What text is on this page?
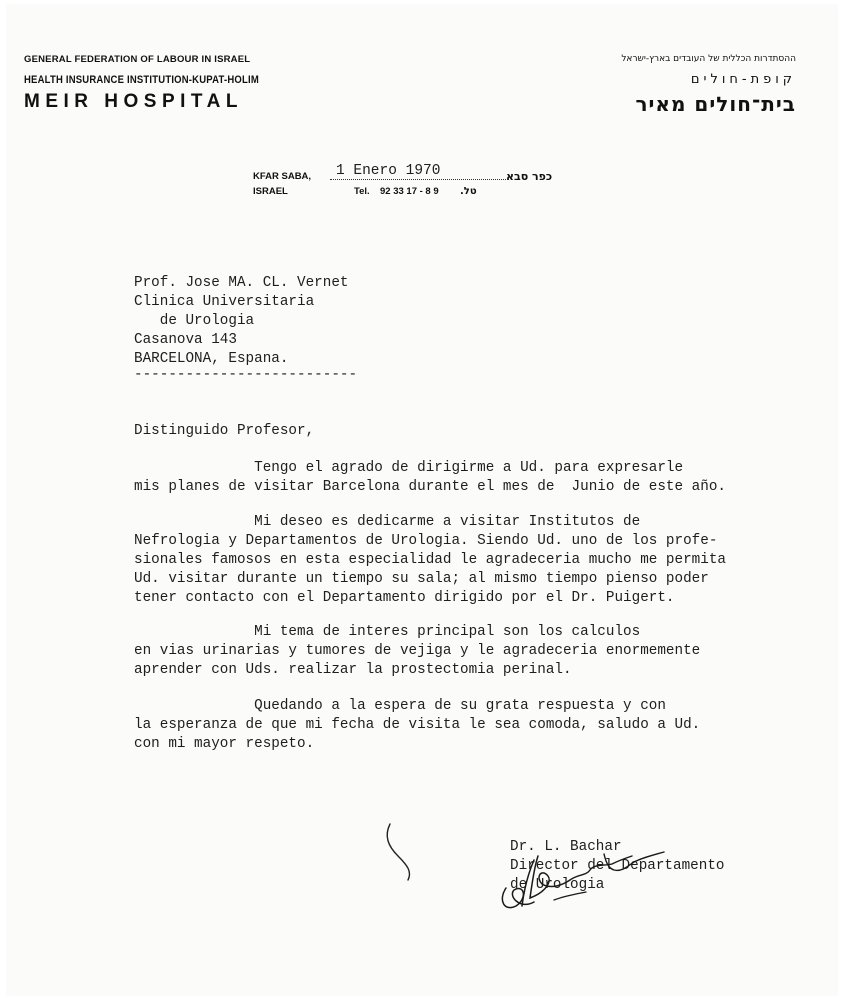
GENERAL FEDERATION OF LABOUR IN ISRAEL
HEALTH INSURANCE INSTITUTION-KUPAT-HOLIM
MEIR HOSPITAL
ההסתדרות הכללית של העובדים בארץ-ישראל
קופת-חולים
בית־חולים מאיר
KFAR SABA, 1 Enero 1970	כפר סבא
ISRAEL	Tel. 92 33 17 - 8 9 טל.
Prof. Jose MA. CL. Vernet
Clinica Universitaria
de Urologia
Casanova 143
BARCELONA, Espana.
--------------------------
Distinguido Profesor,
Tengo el agrado de dirigirme a Ud. para expresarle
mis planes de visitar Barcelona durante el mes de  Junio de este año.
Mi deseo es dedicarme a visitar Institutos de
Nefrologia y Departamentos de Urologia. Siendo Ud. uno de los profe-
sionales famosos en esta especialidad le agradeceria mucho me permita
Ud. visitar durante un tiempo su sala; al mismo tiempo pienso poder
tener contacto con el Departamento dirigido por el Dr. Puigert.
Mi tema de interes principal son los calculos
en vias urinarias y tumores de vejiga y le agradeceria enormemente
aprender con Uds. realizar la prostectomia perinal.
Quedando a la espera de su grata respuesta y con
la esperanza de que mi fecha de visita le sea comoda, saludo a Ud.
con mi mayor respeto.
Dr. L. Bachar
Director del Departamento
de Urologia
